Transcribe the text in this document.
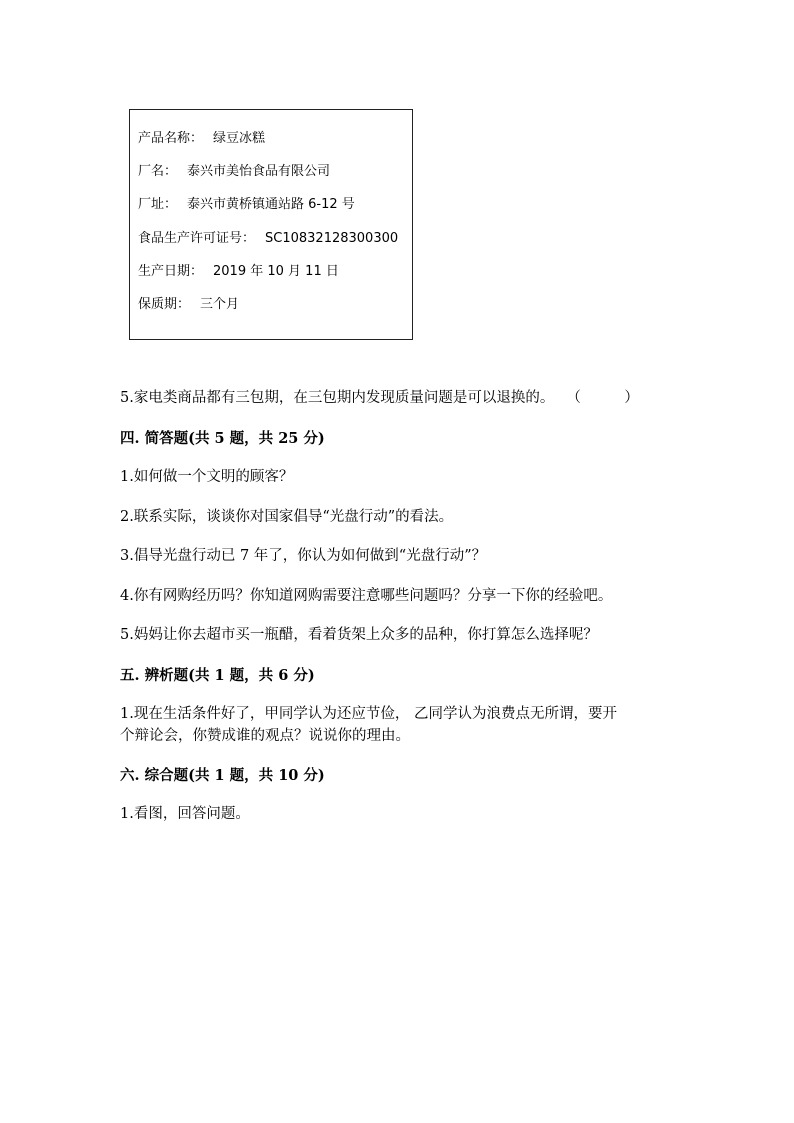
产品名称： 绿豆冰糕
厂名： 泰兴市美怡食品有限公司
厂址： 泰兴市黄桥镇通站路 6-12 号
食品生产许可证号： SC10832128300300
生产日期： 2019 年 10 月 11 日
保质期： 三个月
5.家电类商品都有三包期，在三包期内发现质量问题是可以退换的。 （　　　）
四. 简答题(共 5 题，共 25 分)
1.如何做一个文明的顾客？
2.联系实际，谈谈你对国家倡导“光盘行动”的看法。
3.倡导光盘行动已 7 年了，你认为如何做到“光盘行动”？
4.你有网购经历吗？你知道网购需要注意哪些问题吗？分享一下你的经验吧。
5.妈妈让你去超市买一瓶醋，看着货架上众多的品种，你打算怎么选择呢？
五. 辨析题(共 1 题，共 6 分)
1.现在生活条件好了，甲同学认为还应节俭， 乙同学认为浪费点无所谓，要开
个辩论会，你赞成谁的观点？说说你的理由。
六. 综合题(共 1 题，共 10 分)
1.看图，回答问题。
